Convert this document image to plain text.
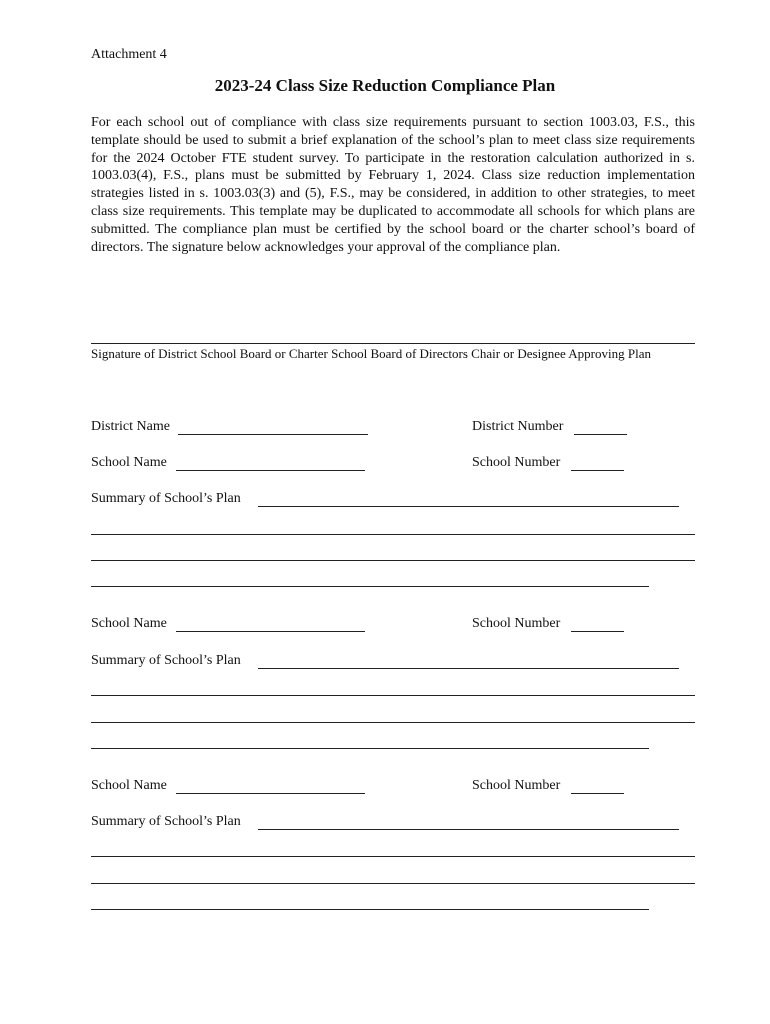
Attachment 4
2023-24 Class Size Reduction Compliance Plan
For each school out of compliance with class size requirements pursuant to section 1003.03, F.S., this template should be used to submit a brief explanation of the school’s plan to meet class size requirements for the 2024 October FTE student survey. To participate in the restoration calculation authorized in s. 1003.03(4), F.S., plans must be submitted by February 1, 2024. Class size reduction implementation strategies listed in s. 1003.03(3) and (5), F.S., may be considered, in addition to other strategies, to meet class size requirements. This template may be duplicated to accommodate all schools for which plans are submitted. The compliance plan must be certified by the school board or the charter school’s board of directors. The signature below acknowledges your approval of the compliance plan.
Signature of District School Board or Charter School Board of Directors Chair or Designee Approving Plan
District Name	District Number
School Name	School Number
Summary of School’s Plan
School Name	School Number
Summary of School’s Plan
School Name	School Number
Summary of School’s Plan
